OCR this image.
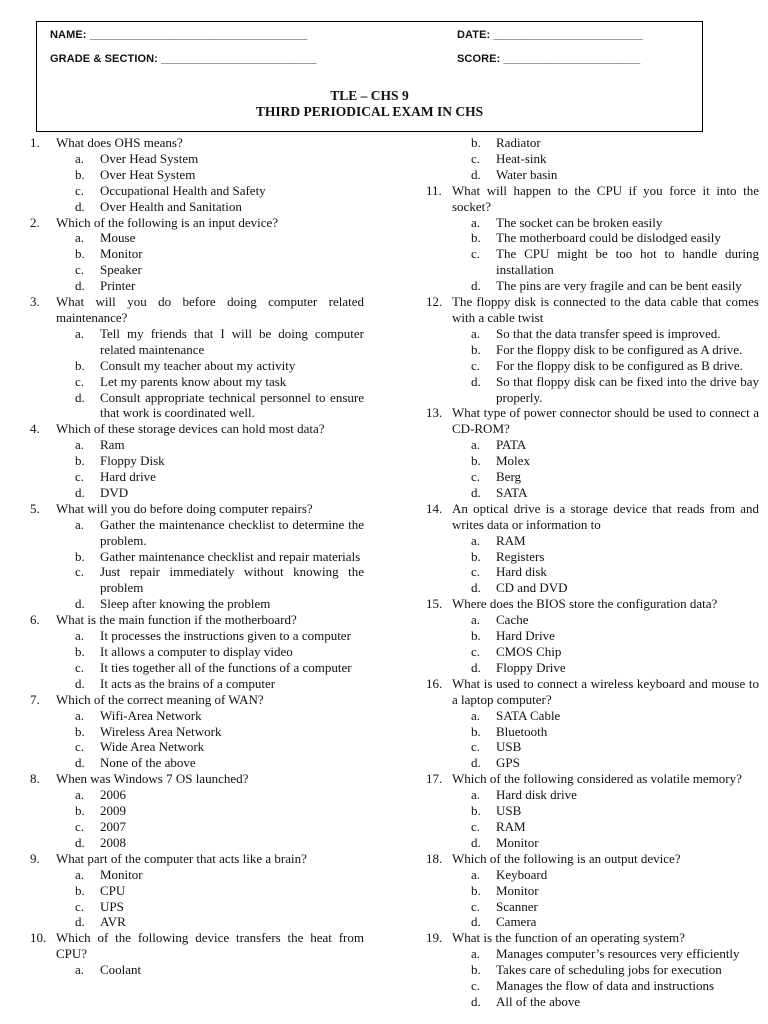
NAME: ___________________________________	DATE: ________________________
GRADE & SECTION: _________________________	SCORE: ______________________
TLE – CHS 9
THIRD PERIODICAL EXAM IN CHS
1.	What does OHS means?
a.	Over Head System
b.	Over Heat System
c.	Occupational Health and Safety
d.	Over Health and Sanitation
2.	Which of the following is an input device?
a.	Mouse
b.	Monitor
c.	Speaker
d.	Printer
3.	What will you do before doing computer related maintenance?
a.	Tell my friends that I will be doing computer related maintenance
b.	Consult my teacher about my activity
c.	Let my parents know about my task
d.	Consult appropriate technical personnel to ensure that work is coordinated well.
4.	Which of these storage devices can hold most data?
a.	Ram
b.	Floppy Disk
c.	Hard drive
d.	DVD
5.	What will you do before doing computer repairs?
a.	Gather the maintenance checklist to determine the problem.
b.	Gather maintenance checklist and repair materials
c.	Just repair immediately without knowing the problem
d.	Sleep after knowing the problem
6.	What is the main function if the motherboard?
a.	It processes the instructions given to a computer
b.	It allows a computer to display video
c.	It ties together all of the functions of a computer
d.	It acts as the brains of a computer
7.	Which of the correct meaning of WAN?
a.	Wifi-Area Network
b.	Wireless Area Network
c.	Wide Area Network
d.	None of the above
8.	When was Windows 7 OS launched?
a.	2006
b.	2009
c.	2007
d.	2008
9.	What part of the computer that acts like a brain?
a.	Monitor
b.	CPU
c.	UPS
d.	AVR
10. Which of the following device transfers the heat from CPU?
a.	Coolant
b.	Radiator
c.	Heat-sink
d.	Water basin
11. What will happen to the CPU if you force it into the socket?
a.	The socket can be broken easily
b.	The motherboard could be dislodged easily
c.	The CPU might be too hot to handle during installation
d.	The pins are very fragile and can be bent easily
12. The floppy disk is connected to the data cable that comes with a cable twist
a.	So that the data transfer speed is improved.
b.	For the floppy disk to be configured as A drive.
c.	For the floppy disk to be configured as B drive.
d.	So that floppy disk can be fixed into the drive bay properly.
13. What type of power connector should be used to connect a CD-ROM?
a.	PATA
b.	Molex
c.	Berg
d.	SATA
14. An optical drive is a storage device that reads from and writes data or information to
a.	RAM
b.	Registers
c.	Hard disk
d.	CD and DVD
15. Where does the BIOS store the configuration data?
a.	Cache
b.	Hard Drive
c.	CMOS Chip
d.	Floppy Drive
16. What is used to connect a wireless keyboard and mouse to a laptop computer?
a.	SATA Cable
b.	Bluetooth
c.	USB
d.	GPS
17. Which of the following considered as volatile memory?
a.	Hard disk drive
b.	USB
c.	RAM
d.	Monitor
18. Which of the following is an output device?
a.	Keyboard
b.	Monitor
c.	Scanner
d.	Camera
19. What is the function of an operating system?
a.	Manages computer’s resources very efficiently
b.	Takes care of scheduling jobs for execution
c.	Manages the flow of data and instructions
d.	All of the above
